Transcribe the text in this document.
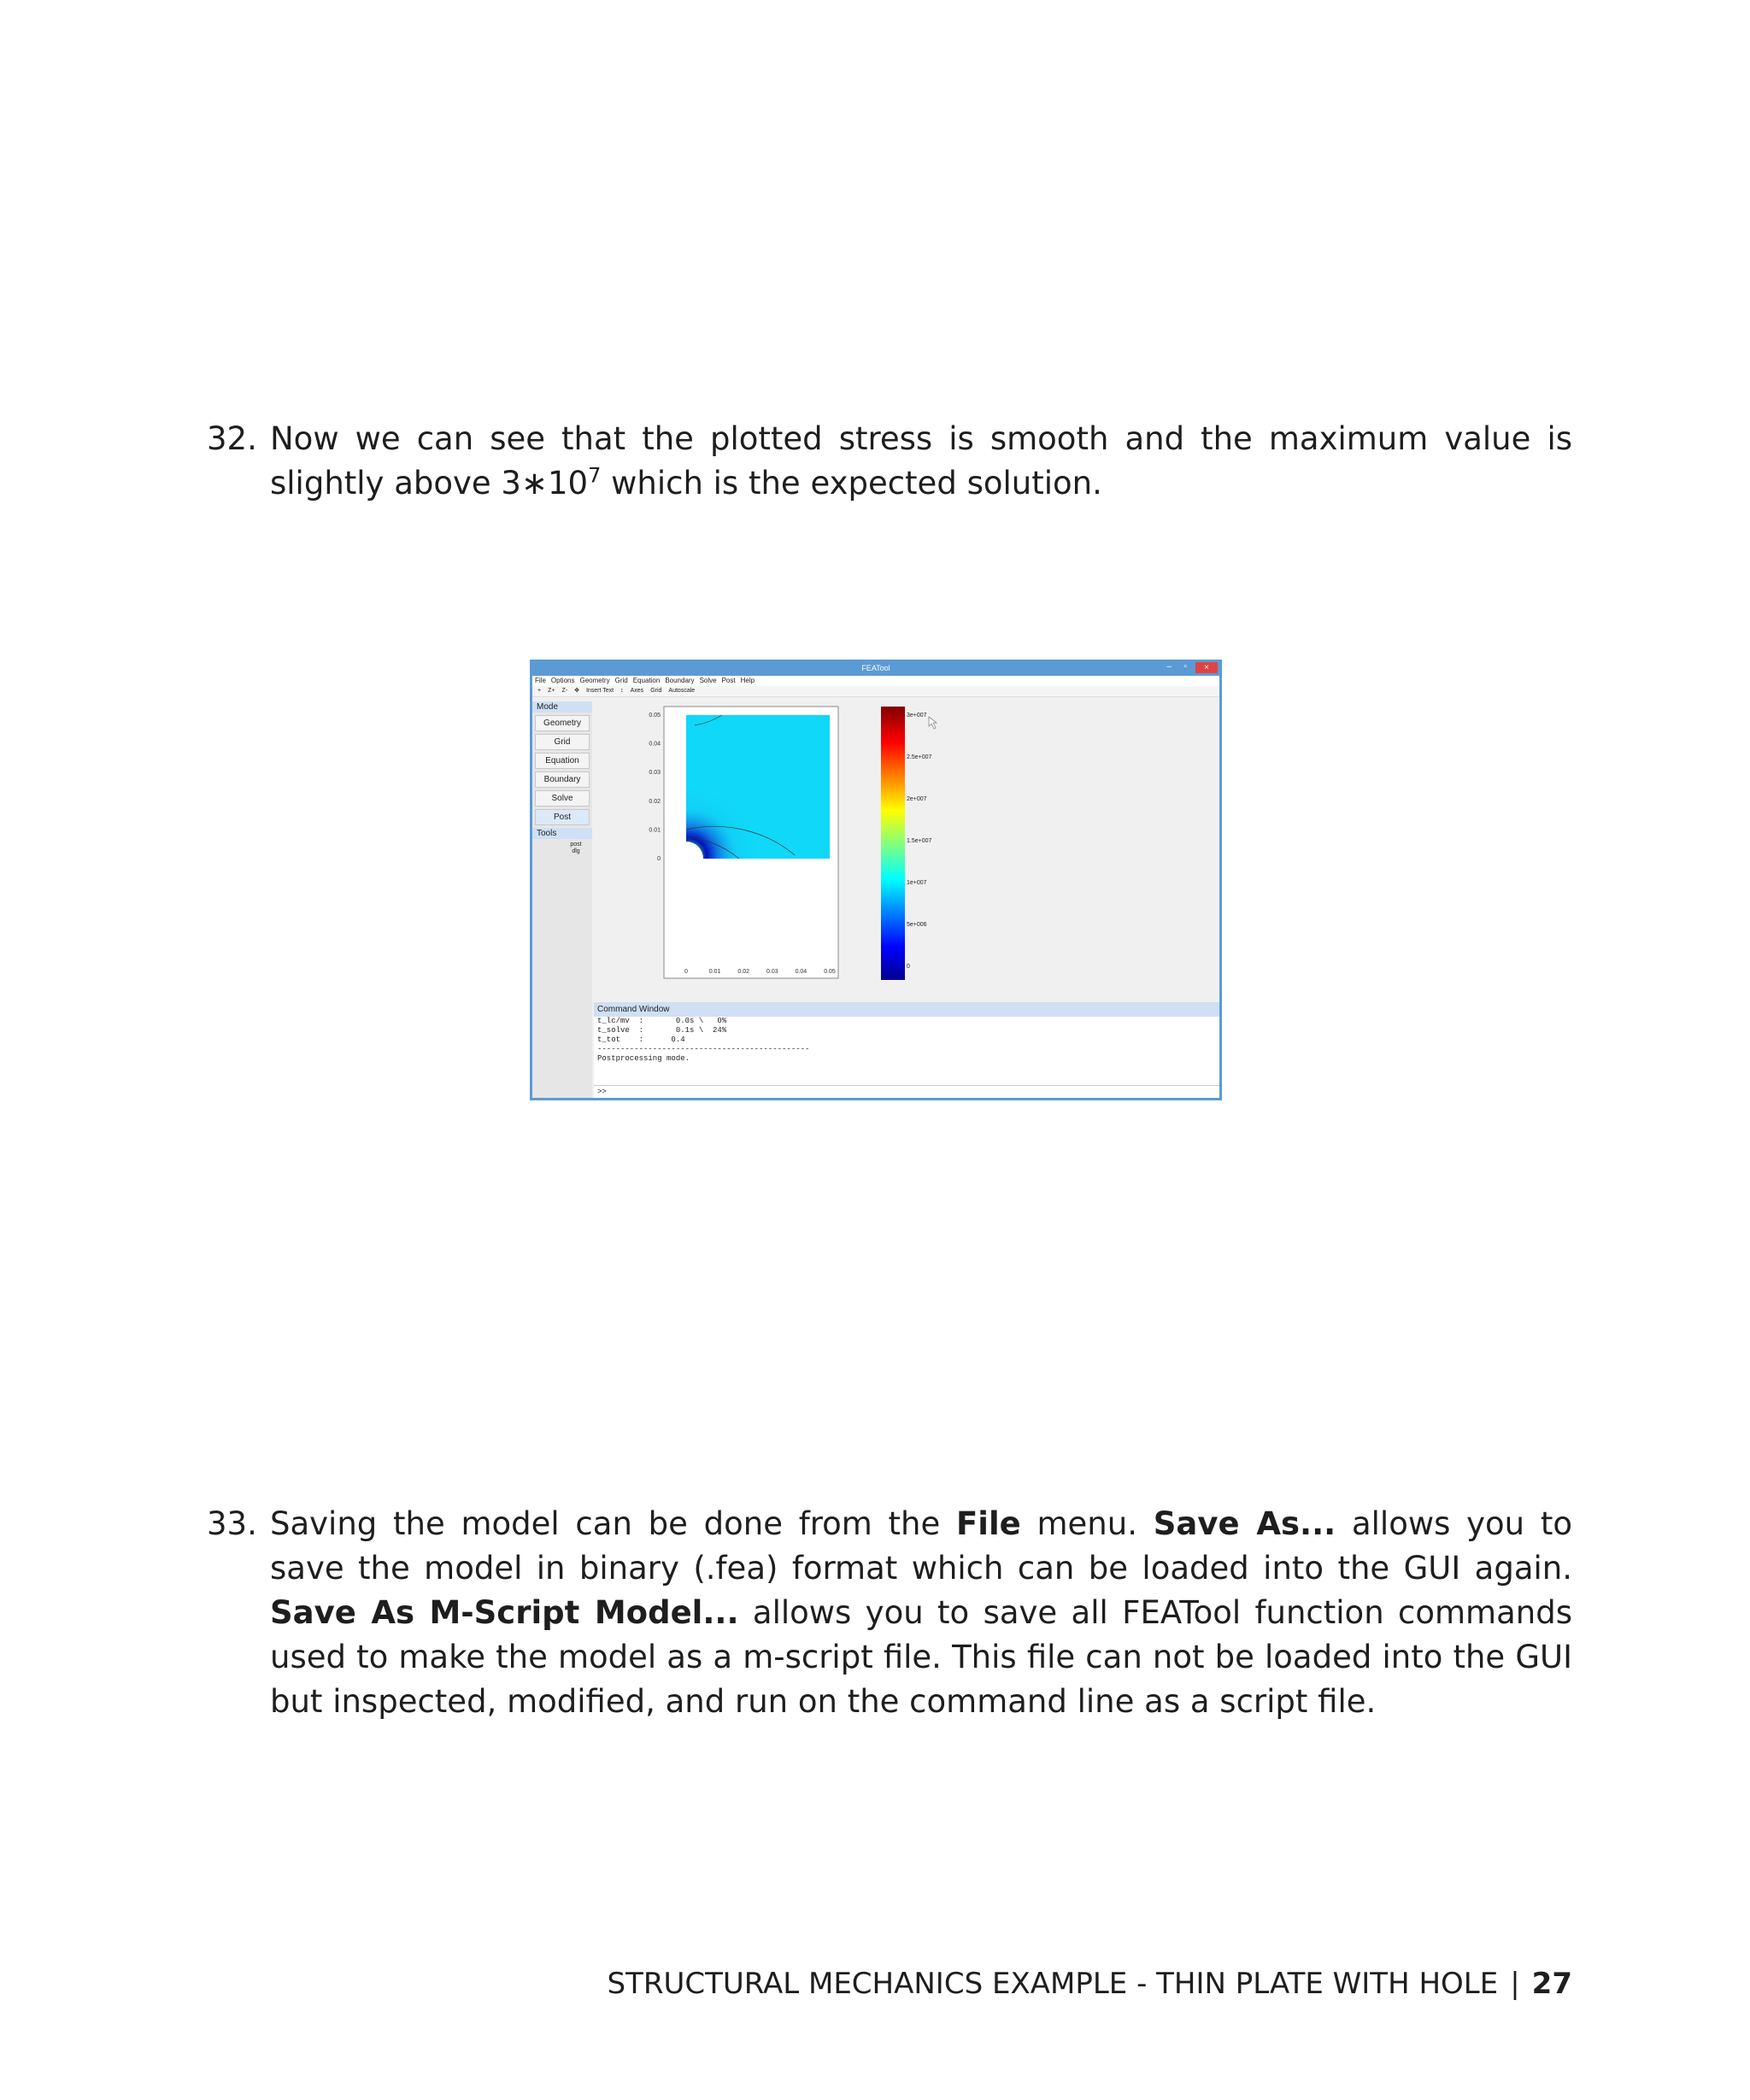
32. Now we can see that the plotted stress is smooth and the maximum value is slightly above $3∗10^7$ which is the expected solution.
FEATool	– ▫	×
File Options Geometry Grid Equation Boundary Solve Post Help
+ Z+ Z- ✥ Insert Text ↕ Axes Grid Autoscale
Mode
Geometry
Grid
Equation
Boundary
Solve
Post
Tools
post dlg
0.05
0.04
0.03
0.02
0.01
0
0	0.01	0.02	0.03	0.04	0.05
3e+007
2.5e+007
2e+007
1.5e+007
1e+007
5e+006
0
Command Window
t_lc/mv  :       0.0s \   0%
t_solve  :       0.1s \  24%
t_tot    :      0.4
----------------------------------------------
Postprocessing mode.
>>
33. Saving the model can be done from the File menu. Save As... allows you to save the model in binary (.fea) format which can be loaded into the GUI again. Save As M-Script Model... allows you to save all FEATool function commands used to make the model as a m-script file. This file can not be loaded into the GUI but inspected, modified, and run on the command line as a script file.
STRUCTURAL MECHANICS EXAMPLE - THIN PLATE WITH HOLE | 27
